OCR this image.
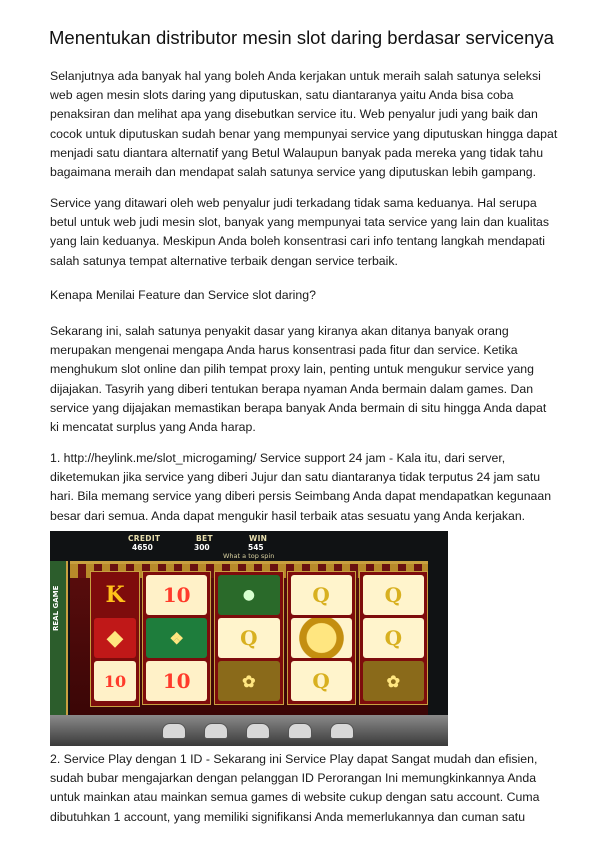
Menentukan distributor mesin slot daring berdasar servicenya

Selanjutnya ada banyak hal yang boleh Anda kerjakan untuk meraih salah satunya seleksi
web agen mesin slots daring yang diputuskan, satu diantaranya yaitu Anda bisa coba
penaksiran dan melihat apa yang disebutkan service itu. Web penyalur judi yang baik dan
cocok untuk diputuskan sudah benar yang mempunyai service yang diputuskan hingga dapat
menjadi satu diantara alternatif yang Betul Walaupun banyak pada mereka yang tidak tahu
bagaimana meraih dan mendapat salah satunya service yang diputuskan lebih gampang.

Service yang ditawari oleh web penyalur judi terkadang tidak sama keduanya. Hal serupa
betul untuk web judi mesin slot, banyak yang mempunyai tata service yang lain dan kualitas
yang lain keduanya. Meskipun Anda boleh konsentrasi cari info tentang langkah mendapati
salah satunya tempat alternative terbaik dengan service terbaik.

Kenapa Menilai Feature dan Service slot daring?

Sekarang ini, salah satunya penyakit dasar yang kiranya akan ditanya banyak orang
merupakan mengenai mengapa Anda harus konsentrasi pada fitur dan service. Ketika
menghukum slot online dan pilih tempat proxy lain, penting untuk mengukur service yang
dijajakan. Tasyrih yang diberi tentukan berapa nyaman Anda bermain dalam games. Dan
service yang dijajakan memastikan berapa banyak Anda bermain di situ hingga Anda dapat
ki mencatat surplus yang Anda harap.

1. http://heylink.me/slot_microgaming/ Service support 24 jam - Kala itu, dari server,
diketemukan jika service yang diberi Jujur dan satu diantaranya tidak terputus 24 jam satu
hari. Bila memang service yang diberi persis Seimbang Anda dapat mendapatkan kegunaan
besar dari semua. Anda dapat mengukir hasil terbaik atas sesuatu yang Anda kerjakan.

CREDIT
4650
BET
300
WIN
545
What a top spin
REAL GAME	K
◆
10
10
❖
10
●
Q
✿
Q
Q
Q
Q
✿

2. Service Play dengan 1 ID - Sekarang ini Service Play dapat Sangat mudah dan efisien,
sudah bubar mengajarkan dengan pelanggan ID Perorangan Ini memungkinkannya Anda
untuk mainkan atau mainkan semua games di website cukup dengan satu account. Cuma
dibutuhkan 1 account, yang memiliki signifikansi Anda memerlukannya dan cuman satu
